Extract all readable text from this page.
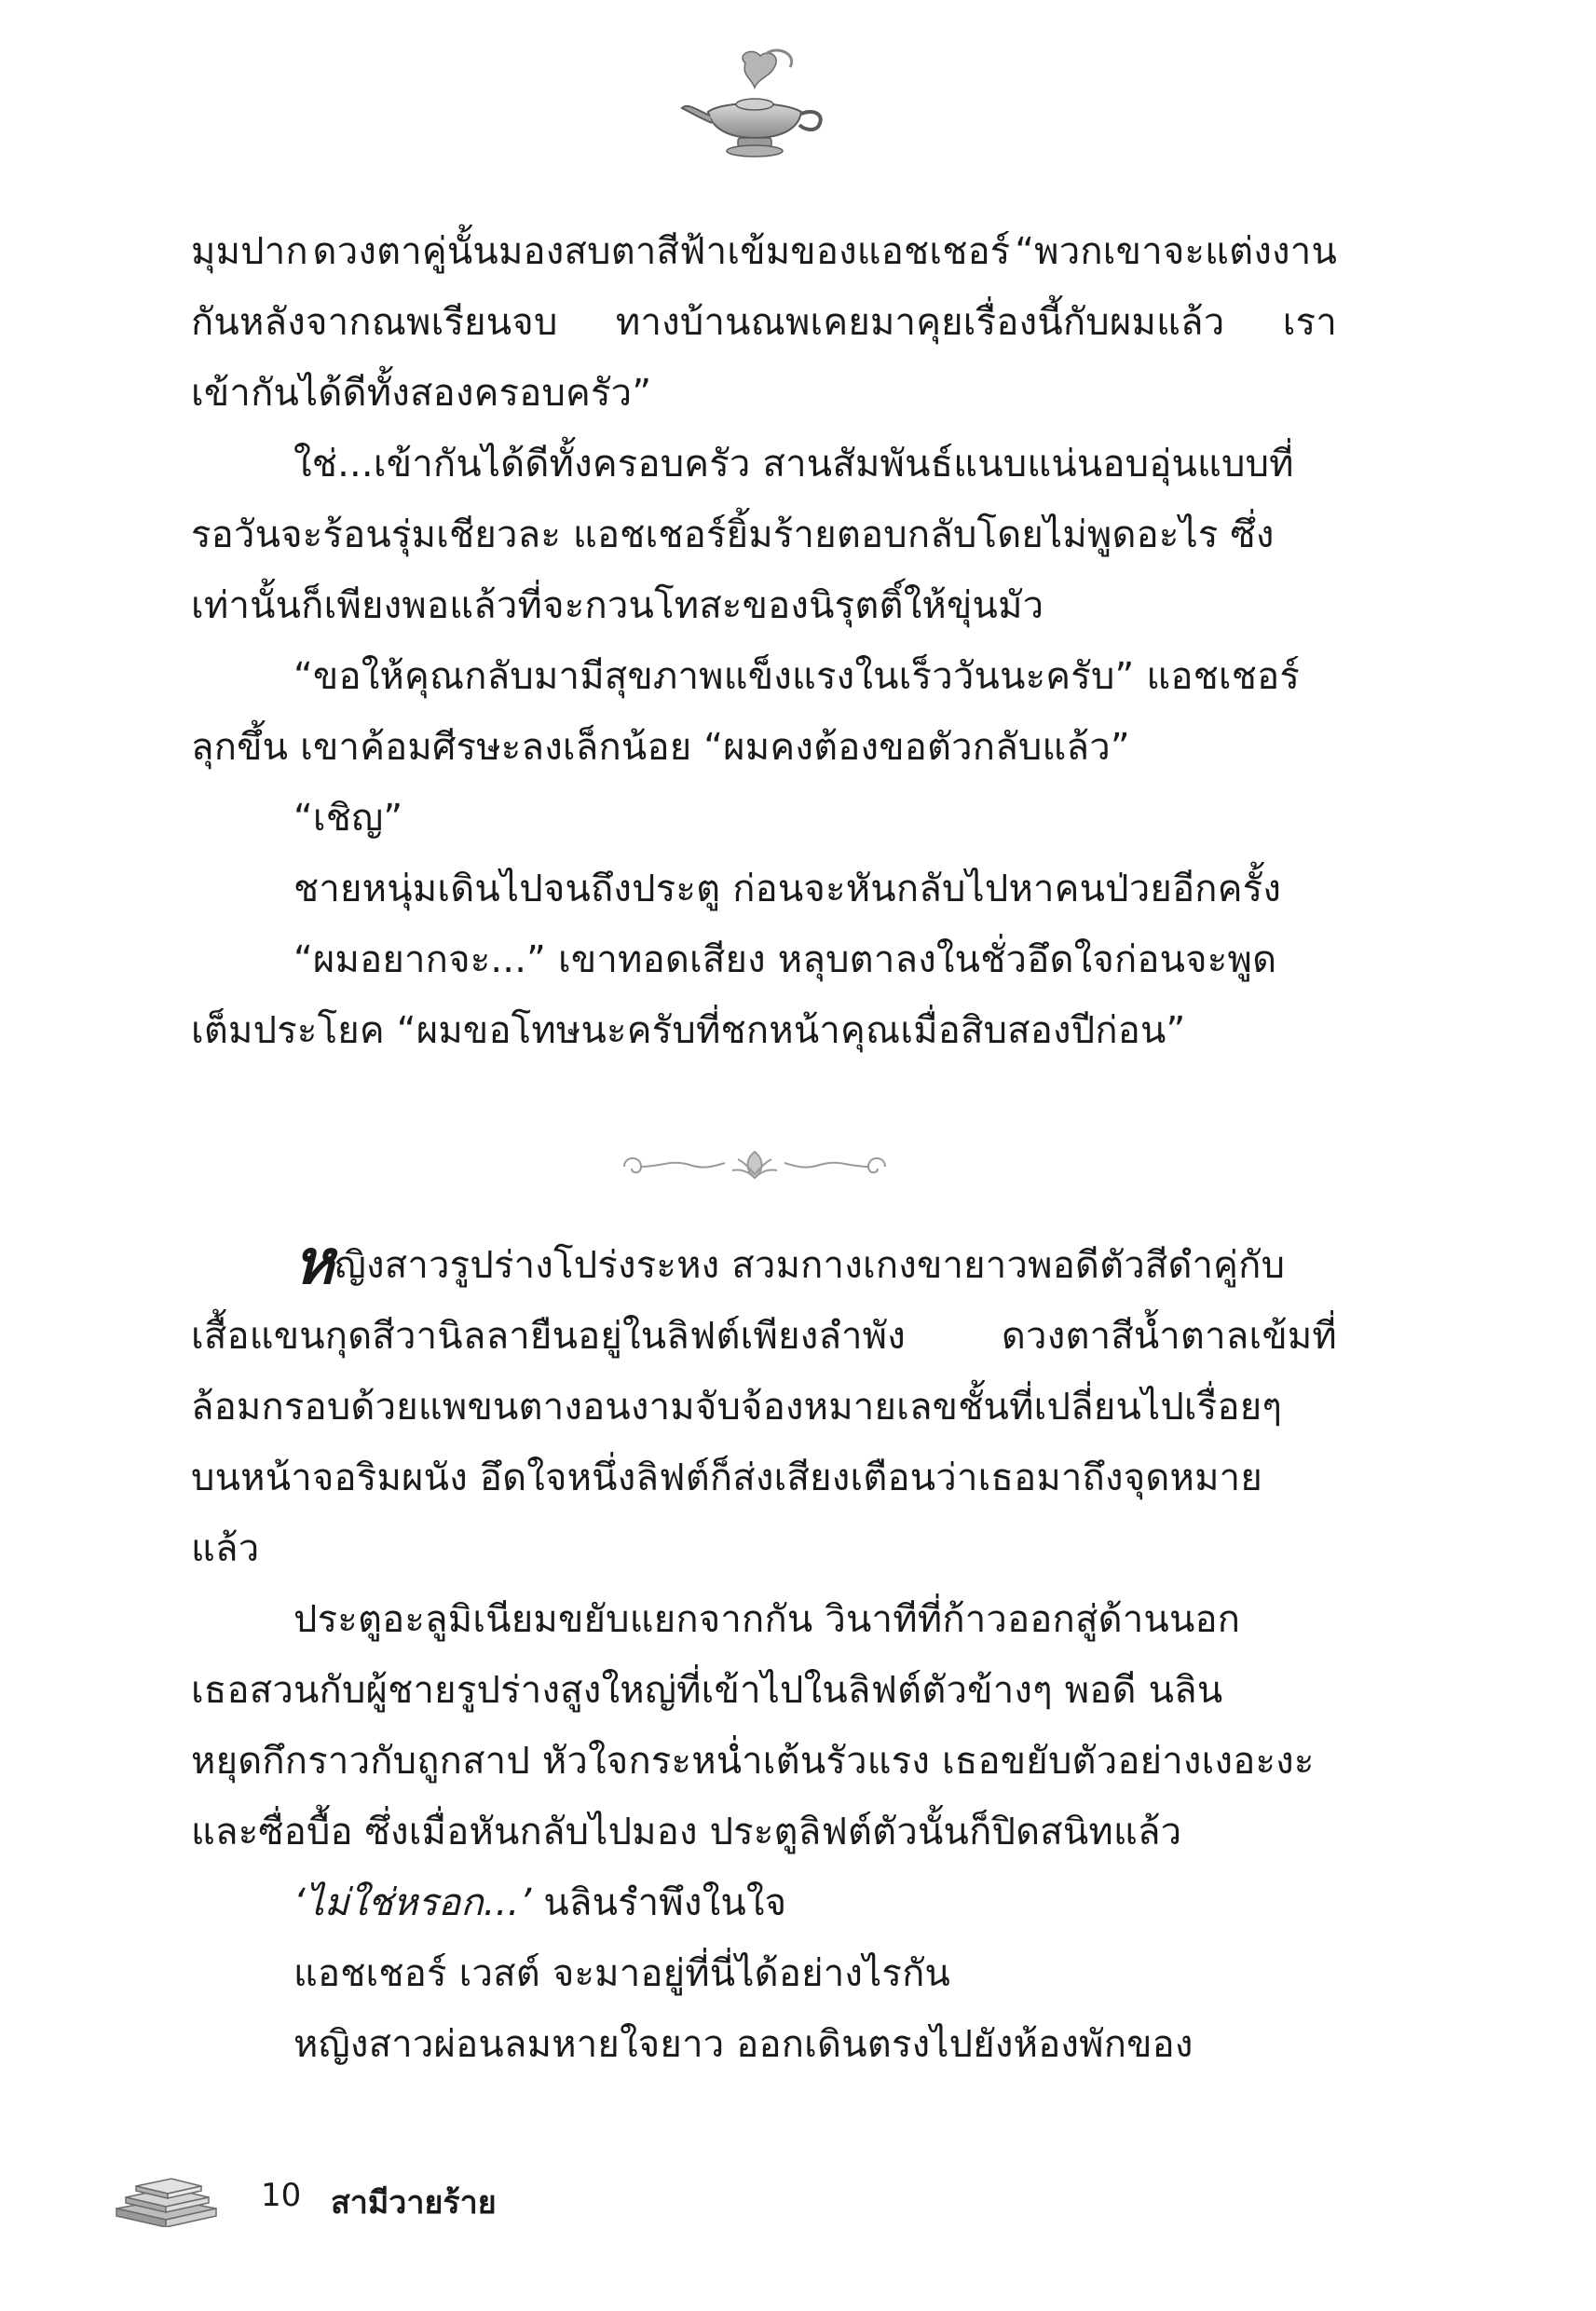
มุมปาก ดวงตาคู่นั้นมองสบตาสีฟ้าเข้มของแอชเชอร์ “พวกเขาจะแต่งงาน
กันหลังจากณพเรียนจบ ทางบ้านณพเคยมาคุยเรื่องนี้กับผมแล้ว เรา
เข้ากันได้ดีทั้งสองครอบครัว”
ใช่...เข้ากันได้ดีทั้งครอบครัว สานสัมพันธ์แนบแน่นอบอุ่นแบบที่
รอวันจะร้อนรุ่มเชียวละ แอชเชอร์ยิ้มร้ายตอบกลับโดยไม่พูดอะไร ซึ่ง
เท่านั้นก็เพียงพอแล้วที่จะกวนโทสะของนิรุตติ์ให้ขุ่นมัว
“ขอให้คุณกลับมามีสุขภาพแข็งแรงในเร็ววันนะครับ” แอชเชอร์
ลุกขึ้น เขาค้อมศีรษะลงเล็กน้อย “ผมคงต้องขอตัวกลับแล้ว”
“เชิญ”
ชายหนุ่มเดินไปจนถึงประตู ก่อนจะหันกลับไปหาคนป่วยอีกครั้ง
“ผมอยากจะ...” เขาทอดเสียง หลุบตาลงในชั่วอึดใจก่อนจะพูด
เต็มประโยค “ผมขอโทษนะครับที่ชกหน้าคุณเมื่อสิบสองปีก่อน”
หญิงสาวรูปร่างโปร่งระหง สวมกางเกงขายาวพอดีตัวสีดำคู่กับ
เสื้อแขนกุดสีวานิลลายืนอยู่ในลิฟต์เพียงลำพัง	ดวงตาสีน้ำตาลเข้มที่
ล้อมกรอบด้วยแพขนตางอนงามจับจ้องหมายเลขชั้นที่เปลี่ยนไปเรื่อยๆ
บนหน้าจอริมผนัง อึดใจหนึ่งลิฟต์ก็ส่งเสียงเตือนว่าเธอมาถึงจุดหมาย
แล้ว
ประตูอะลูมิเนียมขยับแยกจากกัน วินาทีที่ก้าวออกสู่ด้านนอก
เธอสวนกับผู้ชายรูปร่างสูงใหญ่ที่เข้าไปในลิฟต์ตัวข้างๆ พอดี นลิน
หยุดกึกราวกับถูกสาป หัวใจกระหน่ำเต้นรัวแรง เธอขยับตัวอย่างเงอะงะ
และซื่อบื้อ ซึ่งเมื่อหันกลับไปมอง ประตูลิฟต์ตัวนั้นก็ปิดสนิทแล้ว
‘ไม่ใช่หรอก...’ นลินรำพึงในใจ
แอชเชอร์ เวสต์ จะมาอยู่ที่นี่ได้อย่างไรกัน
หญิงสาวผ่อนลมหายใจยาว ออกเดินตรงไปยังห้องพักของ
10 สามีวายร้าย
